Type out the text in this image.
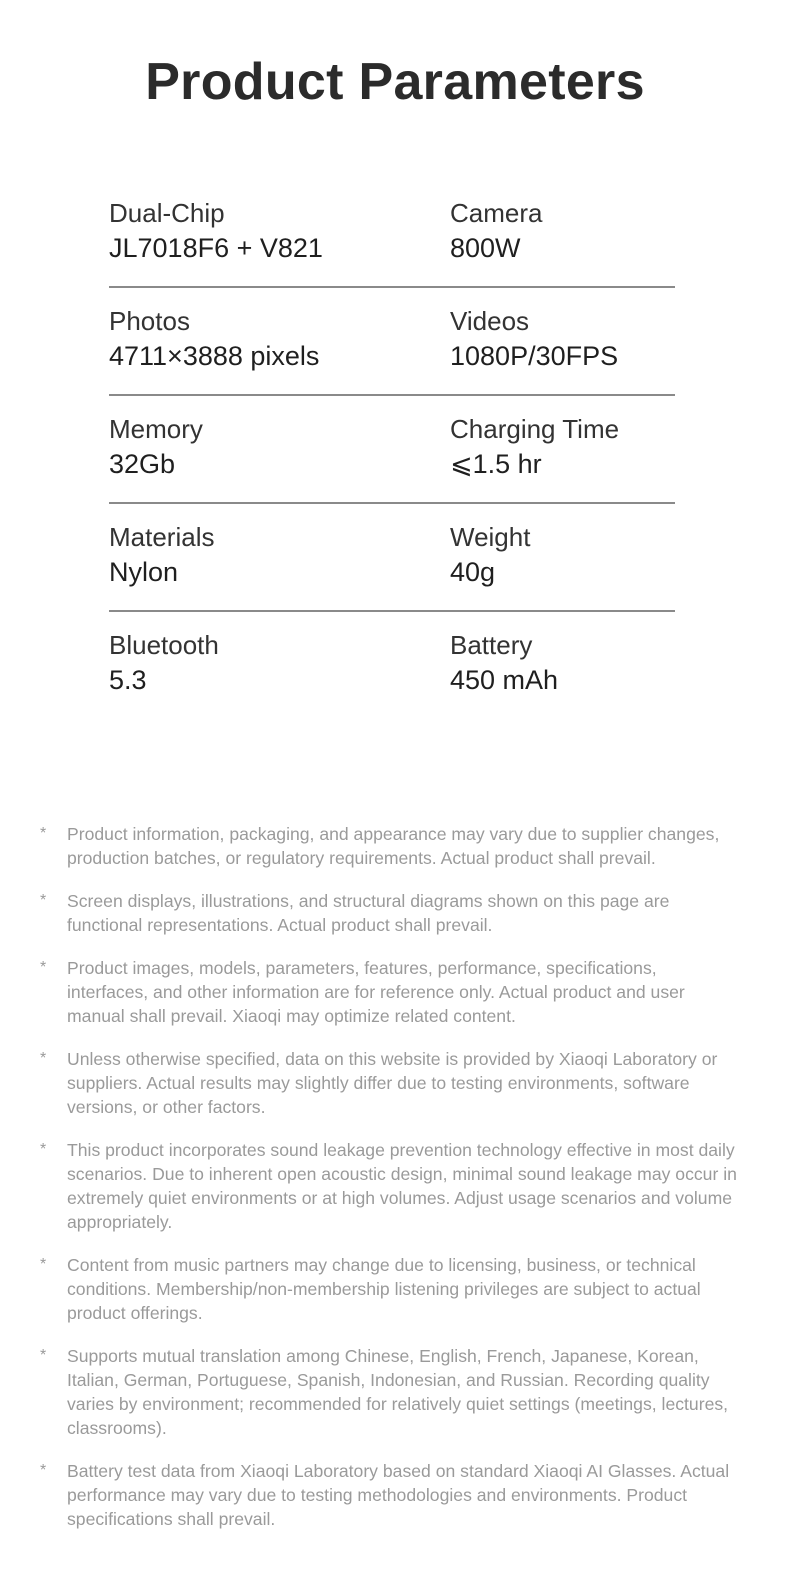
Product Parameters
Dual-Chip
JL7018F6 + V821
Camera
800W
Photos
4711×3888 pixels
Videos
1080P/30FPS
Memory
32Gb
Charging Time
⩽1.5 hr
Materials
Nylon
Weight
40g
Bluetooth
5.3
Battery
450 mAh
* Product information, packaging, and appearance may vary due to supplier changes, production batches, or regulatory requirements. Actual product shall prevail.
* Screen displays, illustrations, and structural diagrams shown on this page are functional representations. Actual product shall prevail.
* Product images, models, parameters, features, performance, specifications, interfaces, and other information are for reference only. Actual product and user manual shall prevail. Xiaoqi may optimize related content.
* Unless otherwise specified, data on this website is provided by Xiaoqi Laboratory or suppliers. Actual results may slightly differ due to testing environments, software versions, or other factors.
* This product incorporates sound leakage prevention technology effective in most daily scenarios. Due to inherent open acoustic design, minimal sound leakage may occur in extremely quiet environments or at high volumes. Adjust usage scenarios and volume appropriately.
* Content from music partners may change due to licensing, business, or technical conditions. Membership/non-membership listening privileges are subject to actual product offerings.
* Supports mutual translation among Chinese, English, French, Japanese, Korean, Italian, German, Portuguese, Spanish, Indonesian, and Russian. Recording quality varies by environment; recommended for relatively quiet settings (meetings, lectures, classrooms).
* Battery test data from Xiaoqi Laboratory based on standard Xiaoqi AI Glasses. Actual performance may vary due to testing methodologies and environments. Product specifications shall prevail.
